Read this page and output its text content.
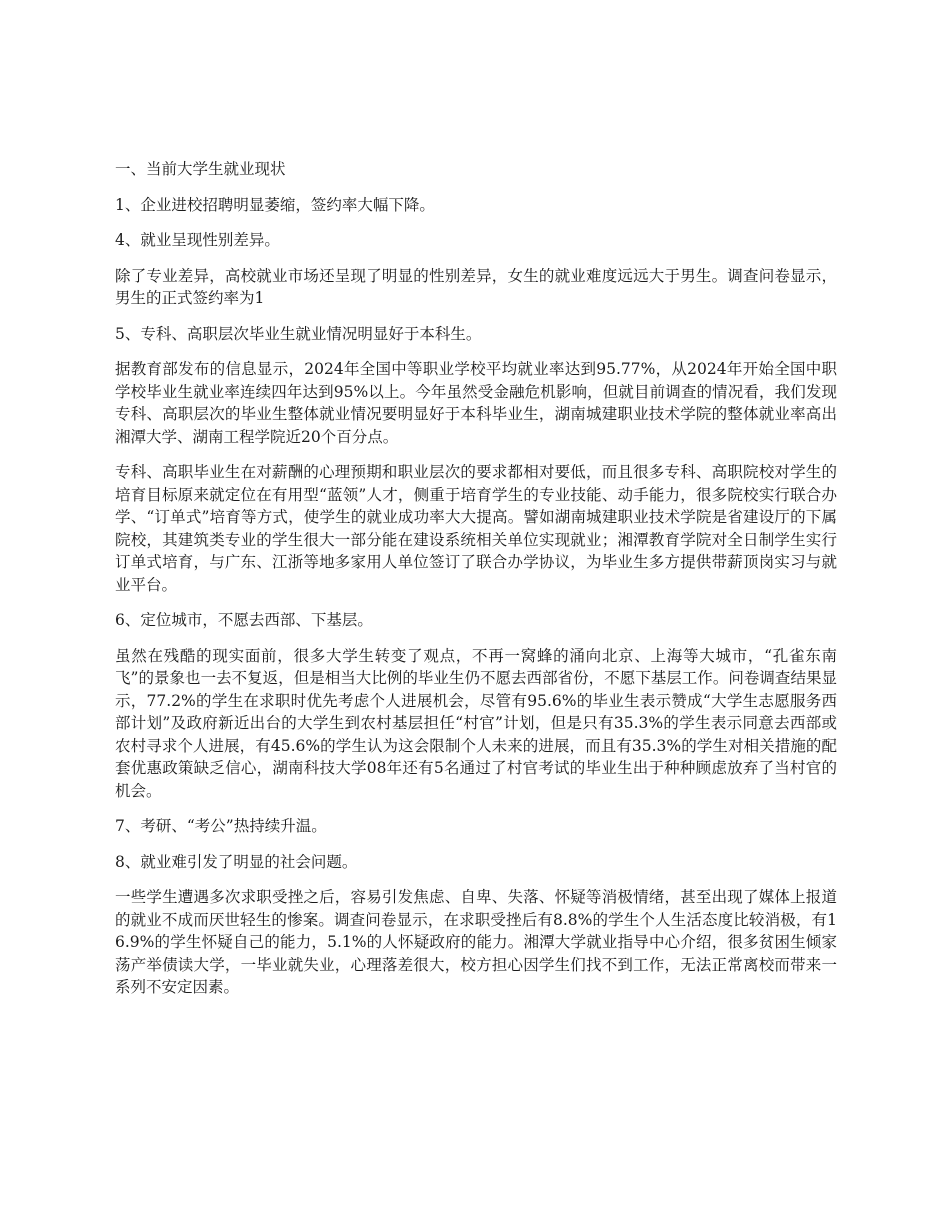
一、当前大学生就业现状
1、企业进校招聘明显萎缩，签约率大幅下降。
4、就业呈现性别差异。
除了专业差异，高校就业市场还呈现了明显的性别差异，女生的就业难度远远大于男生。调查问卷显示，男生的正式签约率为1
5、专科、高职层次毕业生就业情况明显好于本科生。
据教育部发布的信息显示，2024年全国中等职业学校平均就业率达到95.77%，从2024年开始全国中职学校毕业生就业率连续四年达到95%以上。今年虽然受金融危机影响，但就目前调查的情况看，我们发现专科、高职层次的毕业生整体就业情况要明显好于本科毕业生，湖南城建职业技术学院的整体就业率高出湘潭大学、湖南工程学院近20个百分点。
专科、高职毕业生在对薪酬的心理预期和职业层次的要求都相对要低，而且很多专科、高职院校对学生的培育目标原来就定位在有用型“蓝领”人才，侧重于培育学生的专业技能、动手能力，很多院校实行联合办学、“订单式”培育等方式，使学生的就业成功率大大提高。譬如湖南城建职业技术学院是省建设厅的下属院校，其建筑类专业的学生很大一部分能在建设系统相关单位实现就业；湘潭教育学院对全日制学生实行订单式培育，与广东、江浙等地多家用人单位签订了联合办学协议，为毕业生多方提供带薪顶岗实习与就业平台。
6、定位城市，不愿去西部、下基层。
虽然在残酷的现实面前，很多大学生转变了观点，不再一窝蜂的涌向北京、上海等大城市，“孔雀东南飞”的景象也一去不复返，但是相当大比例的毕业生仍不愿去西部省份，不愿下基层工作。问卷调查结果显示，77.2%的学生在求职时优先考虑个人进展机会，尽管有95.6%的毕业生表示赞成“大学生志愿服务西部计划”及政府新近出台的大学生到农村基层担任“村官”计划，但是只有35.3%的学生表示同意去西部或农村寻求个人进展，有45.6%的学生认为这会限制个人未来的进展，而且有35.3%的学生对相关措施的配套优惠政策缺乏信心，湖南科技大学08年还有5名通过了村官考试的毕业生出于种种顾虑放弃了当村官的机会。
7、考研、“考公”热持续升温。
8、就业难引发了明显的社会问题。
一些学生遭遇多次求职受挫之后，容易引发焦虑、自卑、失落、怀疑等消极情绪，甚至出现了媒体上报道的就业不成而厌世轻生的惨案。调查问卷显示，在求职受挫后有8.8%的学生个人生活态度比较消极，有16.9%的学生怀疑自己的能力，5.1%的人怀疑政府的能力。湘潭大学就业指导中心介绍，很多贫困生倾家荡产举债读大学，一毕业就失业，心理落差很大，校方担心因学生们找不到工作，无法正常离校而带来一系列不安定因素。
